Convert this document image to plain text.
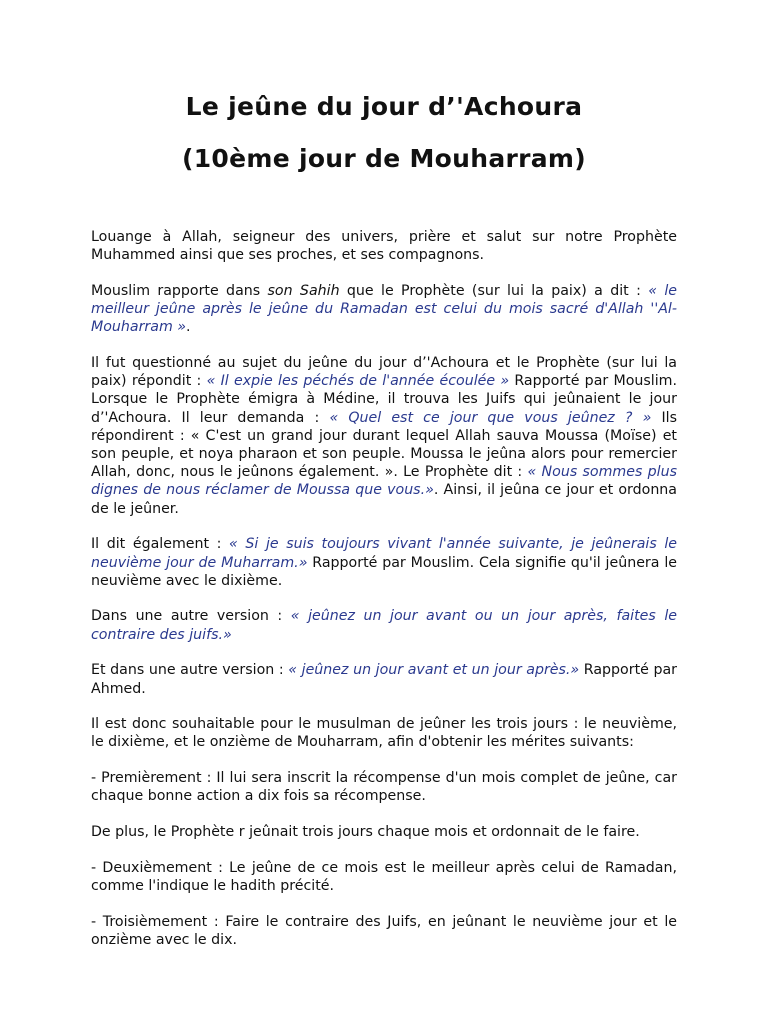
Le jeûne du jour d’'Achoura
(10ème jour de Mouharram)

Louange à Allah, seigneur des univers, prière et salut sur notre Prophète Muhammed ainsi que ses proches, et ses compagnons.

Mouslim rapporte dans son Sahih que le Prophète (sur lui la paix) a dit : « le meilleur jeûne après le jeûne du Ramadan est celui du mois sacré d'Allah ''Al-Mouharram ».

Il fut questionné au sujet du jeûne du jour d’'Achoura et le Prophète (sur lui la paix) répondit : « Il expie les péchés de l'année écoulée » Rapporté par Mouslim. Lorsque le Prophète émigra à Médine, il trouva les Juifs qui jeûnaient le jour d’'Achoura. Il leur demanda : « Quel est ce jour que vous jeûnez ? » Ils répondirent : « C'est un grand jour durant lequel Allah sauva Moussa (Moïse) et son peuple, et noya pharaon et son peuple. Moussa le jeûna alors pour remercier Allah, donc, nous le jeûnons également. ». Le Prophète dit : « Nous sommes plus dignes de nous réclamer de Moussa que vous.». Ainsi, il jeûna ce jour et ordonna de le jeûner.

Il dit également : « Si je suis toujours vivant l'année suivante, je jeûnerais le neuvième jour de Muharram.» Rapporté par Mouslim. Cela signifie qu'il jeûnera le neuvième avec le dixième.

Dans une autre version : « jeûnez un jour avant ou un jour après, faites le contraire des juifs.»

Et dans une autre version : « jeûnez un jour avant et un jour après.» Rapporté par Ahmed.

Il est donc souhaitable pour le musulman de jeûner les trois jours : le neuvième, le dixième, et le onzième de Mouharram, afin d'obtenir les mérites suivants:

- Premièrement : Il lui sera inscrit la récompense d'un mois complet de jeûne, car chaque bonne action a dix fois sa récompense.

De plus, le Prophète r jeûnait trois jours chaque mois et ordonnait de le faire.

- Deuxièmement : Le jeûne de ce mois est le meilleur après celui de Ramadan, comme l'indique le hadith précité.

- Troisièmement : Faire le contraire des Juifs, en jeûnant le neuvième jour et le onzième avec le dix.
